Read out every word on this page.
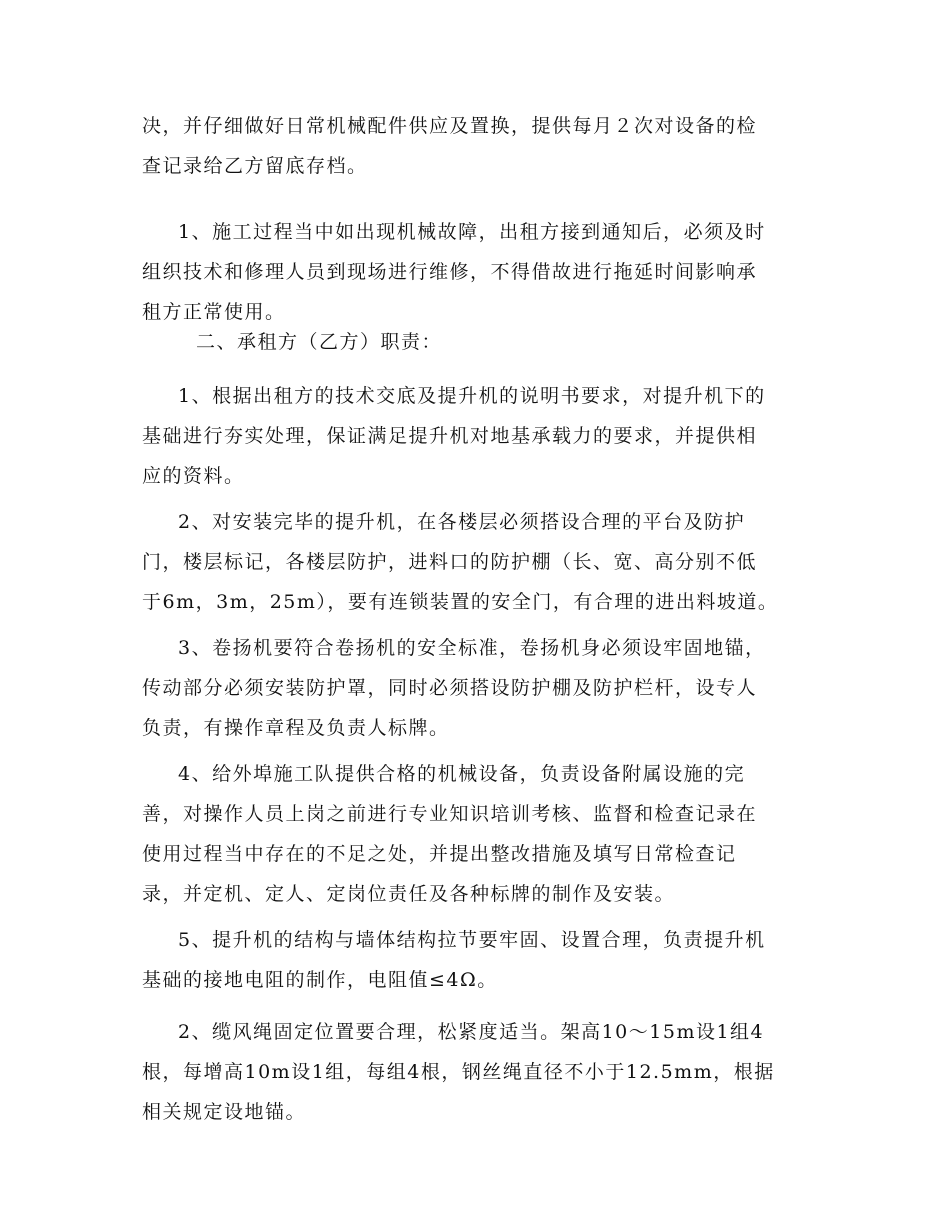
决，并仔细做好日常机械配件供应及置换，提供每月２次对设备的检
查记录给乙方留底存档。
1、施工过程当中如出现机械故障，出租方接到通知后，必须及时
组织技术和修理人员到现场进行维修，不得借故进行拖延时间影响承
租方正常使用。
二、承租方（乙方）职责：
1、根据出租方的技术交底及提升机的说明书要求，对提升机下的
基础进行夯实处理，保证满足提升机对地基承载力的要求，并提供相
应的资料。
2、对安装完毕的提升机，在各楼层必须搭设合理的平台及防护
门，楼层标记，各楼层防护，进料口的防护棚（长、宽、高分别不低
于6m，3m，25m），要有连锁装置的安全门，有合理的进出料坡道。
3、卷扬机要符合卷扬机的安全标准，卷扬机身必须设牢固地锚，
传动部分必须安装防护罩，同时必须搭设防护棚及防护栏杆，设专人
负责，有操作章程及负责人标牌。
4、给外埠施工队提供合格的机械设备，负责设备附属设施的完
善，对操作人员上岗之前进行专业知识培训考核、监督和检查记录在
使用过程当中存在的不足之处，并提出整改措施及填写日常检查记
录，并定机、定人、定岗位责任及各种标牌的制作及安装。
5、提升机的结构与墙体结构拉节要牢固、设置合理，负责提升机
基础的接地电阻的制作，电阻值≤4Ω。
2、缆风绳固定位置要合理，松紧度适当。架高10～15m设1组4
根，每增高10m设1组，每组4根，钢丝绳直径不小于12.5mm，根据
相关规定设地锚。
